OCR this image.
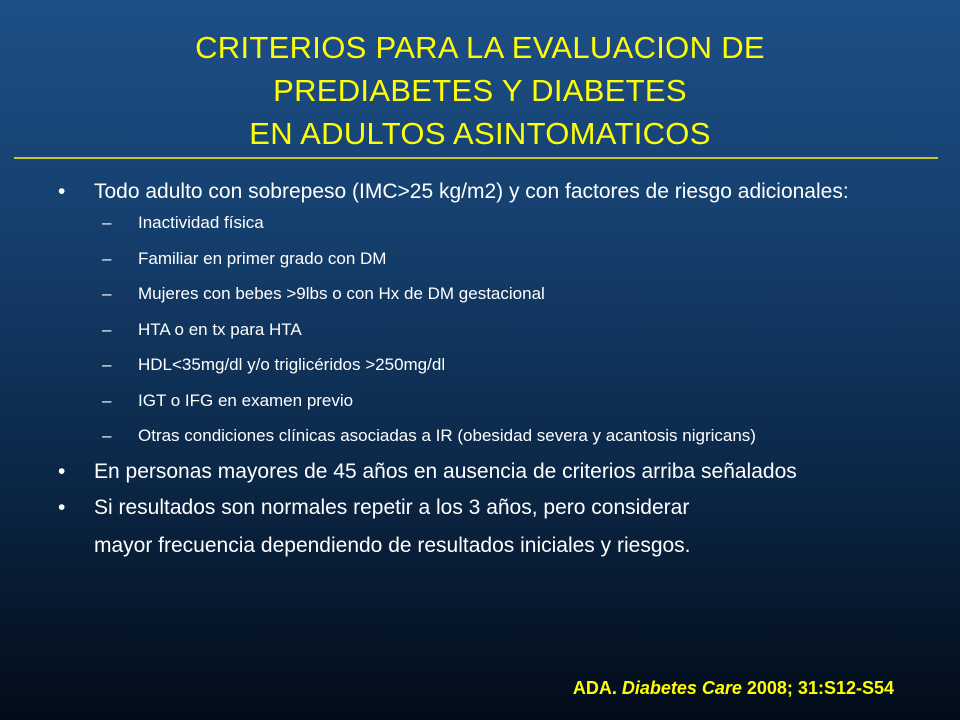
CRITERIOS PARA LA EVALUACION DE
PREDIABETES Y DIABETES
EN ADULTOS ASINTOMATICOS
•	Todo adulto con sobrepeso (IMC>25 kg/m2) y con factores de riesgo adicionales:
– Inactividad física
– Familiar en primer grado con DM
– Mujeres con bebes >9lbs o con Hx de DM gestacional
– HTA o en tx para HTA
– HDL<35mg/dl y/o triglicéridos >250mg/dl
– IGT o IFG en examen previo
– Otras condiciones clínicas asociadas a IR (obesidad severa y acantosis nigricans)
•	En personas mayores de 45 años en ausencia de criterios arriba señalados
•	Si resultados son normales repetir a los 3 años, pero considerar
mayor frecuencia dependiendo de resultados iniciales y riesgos.
ADA. Diabetes Care 2008; 31:S12-S54
